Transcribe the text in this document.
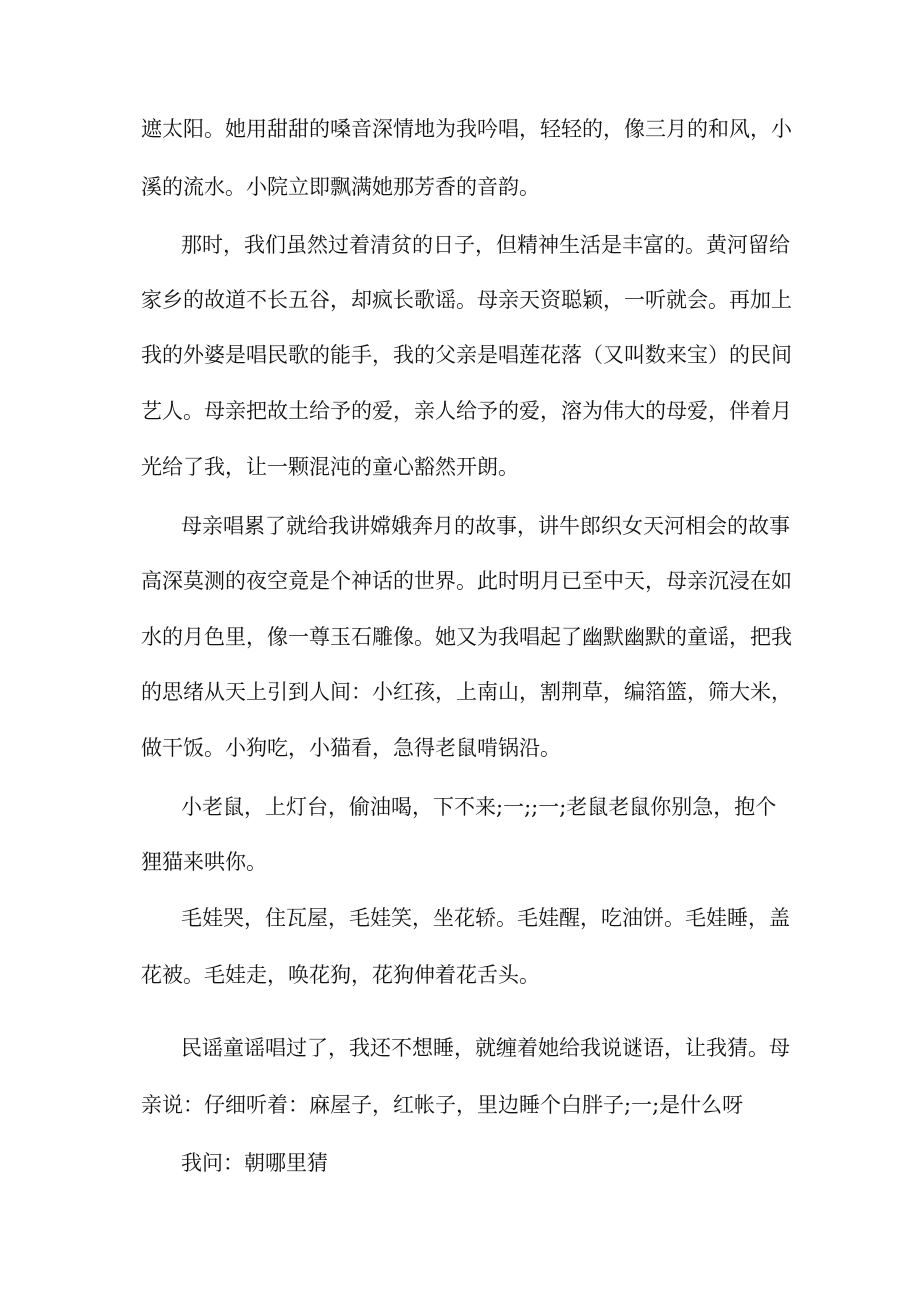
遮太阳。她用甜甜的嗓音深情地为我吟唱，轻轻的，像三月的和风，小
溪的流水。小院立即飘满她那芳香的音韵。
那时，我们虽然过着清贫的日子，但精神生活是丰富的。黄河留给
家乡的故道不长五谷，却疯长歌谣。母亲天资聪颖，一听就会。再加上
我的外婆是唱民歌的能手，我的父亲是唱莲花落（又叫数来宝）的民间
艺人。母亲把故土给予的爱，亲人给予的爱，溶为伟大的母爱，伴着月
光给了我，让一颗混沌的童心豁然开朗。
母亲唱累了就给我讲嫦娥奔月的故事，讲牛郎织女天河相会的故事
高深莫测的夜空竟是个神话的世界。此时明月已至中天，母亲沉浸在如
水的月色里，像一尊玉石雕像。她又为我唱起了幽默幽默的童谣，把我
的思绪从天上引到人间：小红孩，上南山，割荆草，编箔篮，筛大米，
做干饭。小狗吃，小猫看，急得老鼠啃锅沿。
小老鼠，上灯台，偷油喝，下不来;一;;一;老鼠老鼠你别急，抱个
狸猫来哄你。
毛娃哭，住瓦屋，毛娃笑，坐花轿。毛娃醒，吃油饼。毛娃睡，盖
花被。毛娃走，唤花狗，花狗伸着花舌头。
民谣童谣唱过了，我还不想睡，就缠着她给我说谜语，让我猜。母
亲说：仔细听着：麻屋子，红帐子，里边睡个白胖子;一;是什么呀
我问：朝哪里猜
